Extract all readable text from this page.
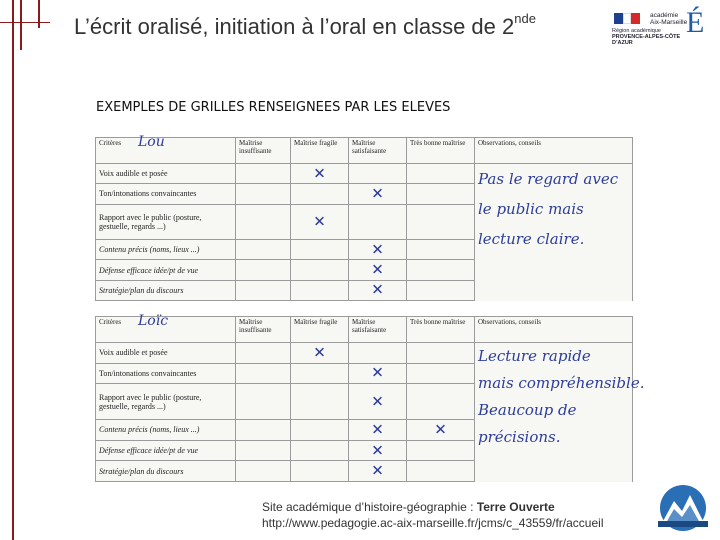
L’écrit oralisé, initiation à l’oral en classe de 2nde	académie
Aix-Marseille
É
Région académique
PROVENCE-ALPES-CÔTE D’AZUR
EXEMPLES DE GRILLES RENSEIGNEES PAR LES ELEVES
Critères Lou	Maîtrise insuffisante	Maîtrise fragile	Maîtrise satisfaisante	Très bonne maîtrise	Observations, conseils
Voix audible et posée		✕			

Ton/intonations convaincantes			✕		

Rapport avec le public (posture, gestuelle, regards ...)		✕			

Contenu précis (noms, lieux ...)			✕		

Défense efficace idée/pt de vue			✕		

Stratégie/plan du discours			✕		

Critères Loïc	Maîtrise insuffisante	Maîtrise fragile	Maîtrise satisfaisante	Très bonne maîtrise	Observations, conseils
Voix audible et posée		✕			

Ton/intonations convaincantes			✕		

Rapport avec le public (posture, gestuelle, regards ...)			✕		

Contenu précis (noms, lieux ...)			✕	✕	

Défense efficace idée/pt de vue			✕		

Stratégie/plan du discours			✕		

Pas le regard avec
le public mais
lecture claire.
Lecture rapide
mais compréhensible.
Beaucoup de
précisions.
Site académique d’histoire-géographie : Terre Ouverte
http://www.pedagogie.ac-aix-marseille.fr/jcms/c_43559/fr/accueil
